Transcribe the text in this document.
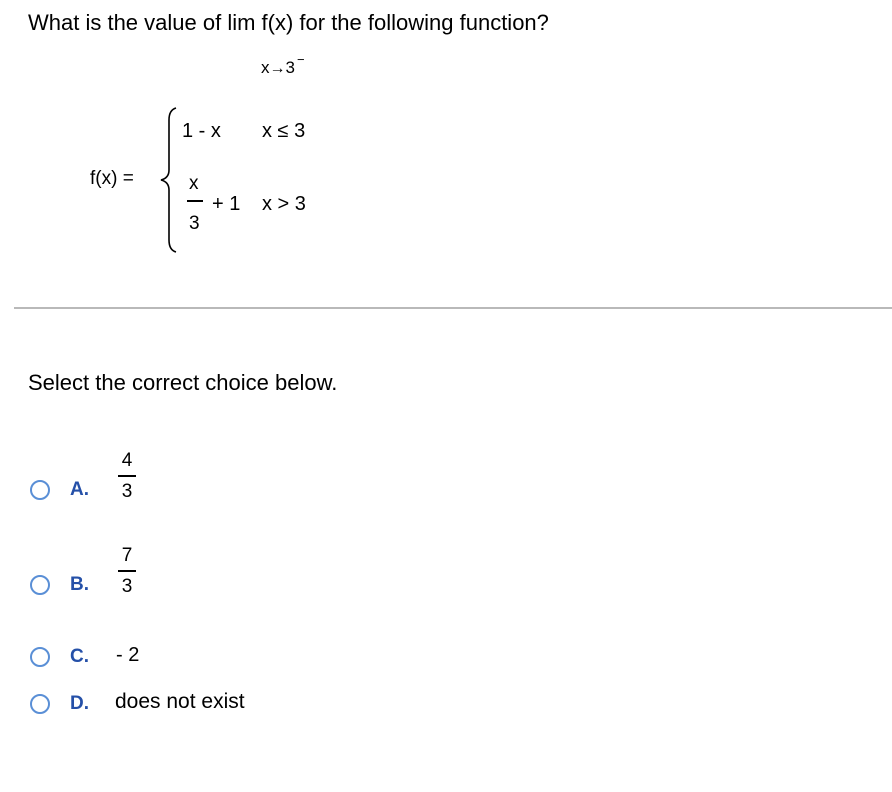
What is the value of lim f(x) for the following function?
x→3 −
f(x) =
1 - x x ≤ 3
x
3
+ 1 x > 3
Select the correct choice below.
A.
4
3
B.
7
3
C. - 2
D. does not exist
